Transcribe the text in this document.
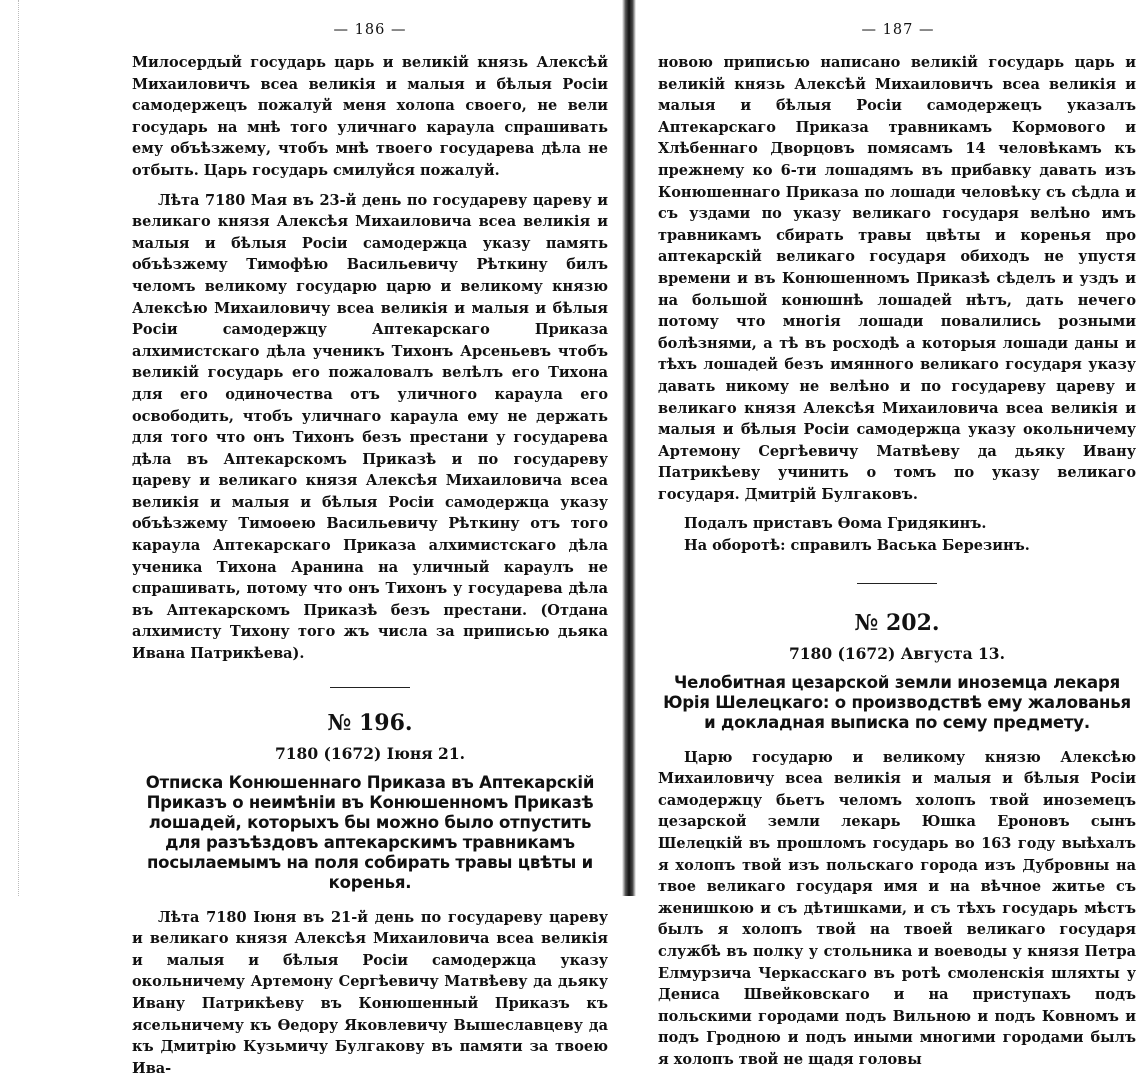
— 186 —

Милосердый государь царь и великій князь Алексѣй Михаиловичъ всеа великія и малыя и бѣлыя Росіи самодержецъ пожалуй меня холопа своего, не вели государь на мнѣ того уличнаго караула спрашивать ему объѣзжему, чтобъ мнѣ твоего государева дѣла не отбыть. Царь государь смилуйся пожалуй.

Лѣта 7180 Мая въ 23-й день по государеву цареву и великаго князя Алексѣя Михаиловича всеа великія и малыя и бѣлыя Росіи самодержца указу память объѣзжему Тимофѣю Васильевичу Рѣткину билъ челомъ великому государю царю и великому князю Алексѣю Михаиловичу всеа великія и малыя и бѣлыя Росіи самодержцу Аптекарскаго Приказа алхимистскаго дѣла ученикъ Тихонъ Арсеньевъ чтобъ великій государь его пожаловалъ велѣлъ его Тихона для его одиночества отъ уличного караула его освободить, чтобъ уличнаго караула ему не держать для того что онъ Тихонъ безъ престани у государева дѣла въ Аптекарскомъ Приказѣ и по государеву цареву и великаго князя Алексѣя Михаиловича всеа великія и малыя и бѣлыя Росіи самодержца указу объѣзжему Тимоѳею Васильевичу Рѣткину отъ того караула Аптекарскаго Приказа алхимистскаго дѣла ученика Тихона Аранина на уличный караулъ не спрашивать, потому что онъ Тихонъ у государева дѣла въ Аптекарскомъ Приказѣ безъ престани. (Отдана алхимисту Тихону того жъ числа за приписью дьяка Ивана Патрикѣева).

№ 196.
7180 (1672) Іюня 21.
Отписка Конюшеннаго Приказа въ Аптекарскій Приказъ о неимѣніи въ Конюшенномъ Приказѣ лошадей, которыхъ бы можно было отпустить для разъѣздовъ аптекарскимъ травникамъ посылаемымъ на поля собирать травы цвѣты и коренья.

Лѣта 7180 Іюня въ 21-й день по государеву цареву и великаго князя Алексѣя Михаиловича всеа великія и малыя и бѣлыя Росіи самодержца указу окольничему Артемону Сергѣевичу Матвѣеву да дьяку Ивану Патрикѣеву въ Конюшенный Приказъ къ ясельничему къ Ѳедору Яковлевичу Вышеславцеву да къ Дмитрію Кузьмичу Булгакову въ памяти за твоею Ива-

— 187 —

новою приписью написано великій государь царь и великій князь Алексѣй Михаиловичъ всеа великія и малыя и бѣлыя Росіи самодержецъ указалъ Аптекарскаго Приказа травникамъ Кормового и Хлѣбеннаго Дворцовъ помясамъ 14 человѣкамъ къ прежнему ко 6-ти лошадямъ въ прибавку давать изъ Конюшеннаго Приказа по лошади человѣку съ сѣдла и съ уздами по указу великаго государя велѣно имъ травникамъ сбирать травы цвѣты и коренья про аптекарскій великаго государя обиходъ не упустя времени и въ Конюшенномъ Приказѣ сѣделъ и уздъ и на большой конюшнѣ лошадей нѣтъ, дать нечего потому что многія лошади повалились розными болѣзнями, а тѣ въ росходѣ а которыя лошади даны и тѣхъ лошадей безъ имянного великаго государя указу давать никому не велѣно и по государеву цареву и великаго князя Алексѣя Михаиловича всеа великія и малыя и бѣлыя Росіи самодержца указу окольничему Артемону Сергѣевичу Матвѣеву да дьяку Ивану Патрикѣеву учинить о томъ по указу великаго государя. Дмитрій Булгаковъ.

Подалъ приставъ Ѳома Гридякинъ.

На оборотѣ: справилъ Васька Березинъ.

№ 202.
7180 (1672) Августа 13.
Челобитная цезарской земли иноземца лекаря Юрія Шелецкаго: о производствѣ ему жалованья и докладная выписка по сему предмету.

Царю государю и великому князю Алексѣю Михаиловичу всеа великія и малыя и бѣлыя Росіи самодержцу бьетъ челомъ холопъ твой иноземецъ цезарской земли лекарь Юшка Ероновъ сынъ Шелецкій въ прошломъ государь во 163 году выѣхалъ я холопъ твой изъ польскаго города изъ Дубровны на твое великаго государя имя и на вѣчное житье съ женишкою и съ дѣтишками, и съ тѣхъ государь мѣстъ былъ я холопъ твой на твоей великаго государя службѣ въ полку у стольника и воеводы у князя Петра Елмурзича Черкасскаго въ ротѣ смоленскія шляхты у Дениса Швейковскаго и на приступахъ подъ польскими городами подъ Вильною и подъ Ковномъ и подъ Гродною и подъ иными многими городами былъ я холопъ твой не щадя головы
